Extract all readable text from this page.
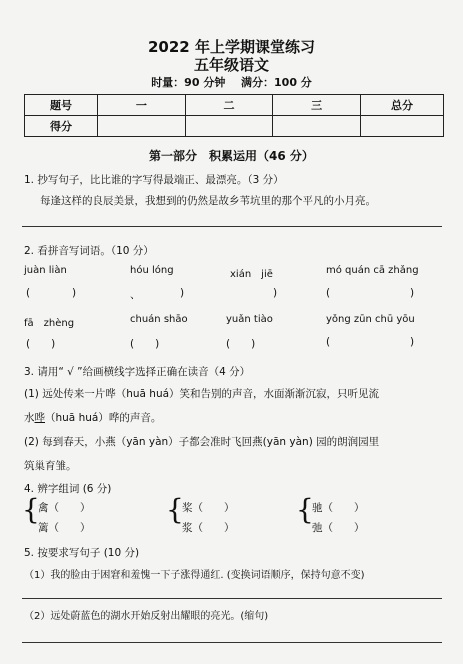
2022 年上学期课堂练习
五年级语文
时量：90 分钟 满分：100 分
题号	一	二	三	总分
得分				
第一部分　积累运用（46 分）
1. 抄写句子，比比谁的字写得最端正、最漂亮。（3 分）
每逢这样的良辰美景，我想到的仍然是故乡苇坑里的那个平凡的小月亮。
2. 看拼音写词语。（10 分）
juàn liàn	hóu lóng	xián　jiē	mó quán cā zhǎng
(	)	、	)	)	(	)
fā　zhèng	chuán shāo	yuǎn tiào	yǒng zūn chū yōu
(　　)	(　　)	(　　)	(	)
3. 请用“ √ ”给画横线字选择正确在读音（4 分）
(1) 远处传来一片哗（huā huá）笑和告别的声音，水面渐渐沉寂，只听见流
水哗（huā huá）哗的声音。
(2) 每到春天，小燕（yān yàn）子都会准时飞回燕(yān yàn) 园的朗润园里
筑巢育雏。
4. 辨字组词 (6 分)
{
禽（　　）
篱（　　）
{
桨（　　）
浆（　　）
{
驰（　　）
弛（　　）
5. 按要求写句子 (10 分)
（1）我的脸由于困窘和羞愧一下子涨得通红. (变换词语顺序，保持句意不变)
（2）远处蔚蓝色的湖水开始反射出耀眼的亮光。(缩句)
